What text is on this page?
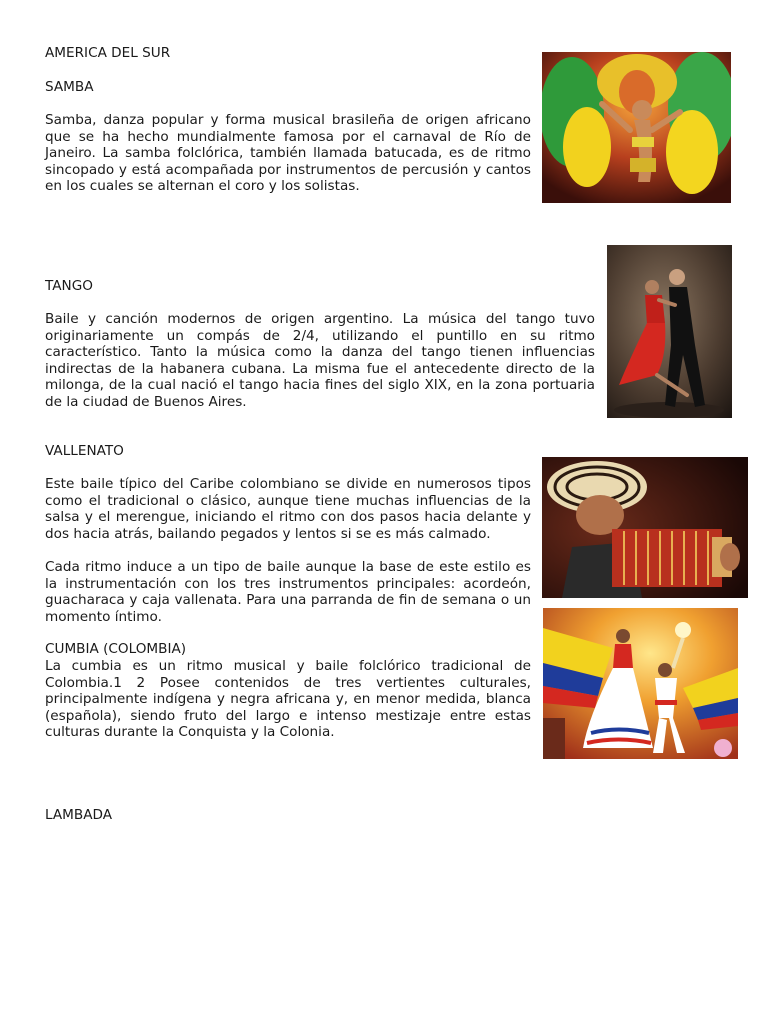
AMERICA DEL SUR
SAMBA

Samba, danza popular y forma musical brasileña de origen africano que se ha hecho mundialmente famosa por el carnaval de Río de Janeiro. La samba folclórica, también llamada batucada, es de ritmo sincopado y está acompañada por instrumentos de percusión y cantos en los cuales se alternan el coro y los solistas.

TANGO

Baile y canción modernos de origen argentino. La música del tango tuvo originariamente un compás de 2/4, utilizando el puntillo en su ritmo característico. Tanto la música como la danza del tango tienen influencias indirectas de la habanera cubana. La misma fue el antecedente directo de la milonga, de la cual nació el tango hacia fines del siglo XIX, en la zona portuaria de la ciudad de Buenos Aires.

VALLENATO

Este baile típico del Caribe colombiano se divide en numerosos tipos como el tradicional o clásico, aunque tiene muchas influencias de la salsa y el merengue, iniciando el ritmo con dos pasos hacia delante y dos hacia atrás, bailando pegados y lentos si se es más calmado.

Cada ritmo induce a un tipo de baile aunque la base de este estilo es la instrumentación con los tres instrumentos principales: acordeón, guacharaca y caja vallenata. Para una parranda de fin de semana o un momento íntimo.

CUMBIA (COLOMBIA)

La cumbia es un ritmo musical y baile folclórico tradicional de Colombia.1 2 Posee contenidos de tres vertientes culturales, principalmente indígena y negra africana y, en menor medida, blanca (española), siendo fruto del largo e intenso mestizaje entre estas culturas durante la Conquista y la Colonia.

LAMBADA
